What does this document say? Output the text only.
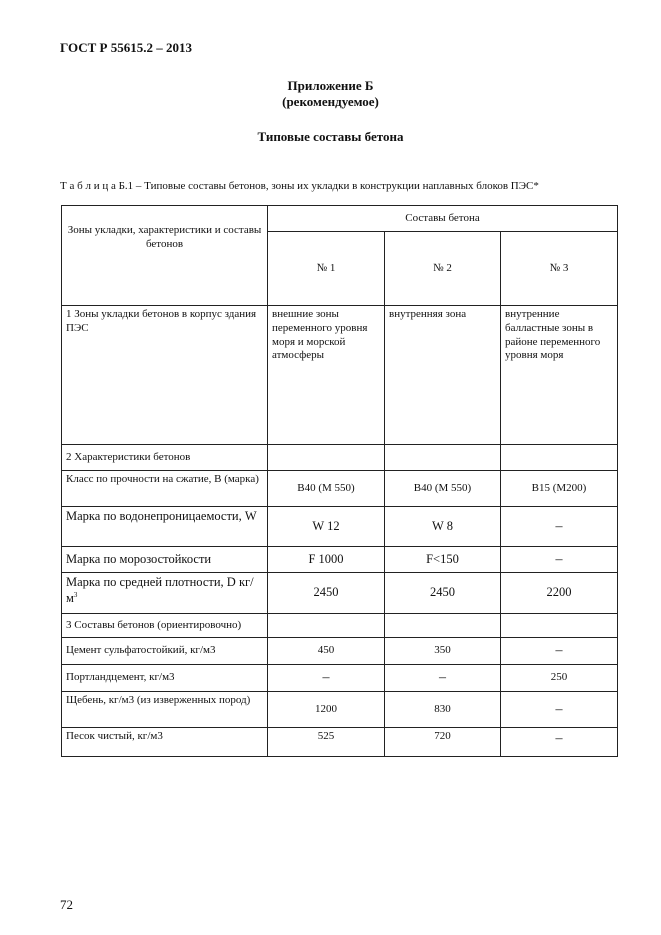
ГОСТ Р 55615.2 – 2013
Приложение Б
(рекомендуемое)
Типовые составы бетона
Т а б л и ц а Б.1 – Типовые составы бетонов, зоны их укладки в конструкции наплавных блоков ПЭС*
Зоны укладки, характеристики и составы бетонов	Составы бетона		
	№ 1	№ 2	№ 3
1 Зоны укладки бетонов в корпус здания ПЭС	внешние зоны переменного уровня моря и морской атмосферы	внутренняя зона	внутренние балластные зоны в районе переменного уровня моря
2 Характеристики бетонов			
Класс по прочности на сжатие, В (марка)	В40 (М 550)	В40 (М 550)	В15 (М200)
Марка по водонепроницаемости, W	W 12	W 8	–
Марка по морозостойкости	F 1000	F<150	–
Марка по средней плотности, D $кг/м^3$	2450	2450	2200
3 Составы бетонов (ориентировочно)			
Цемент сульфатостойкий, кг/м3	450	350	–
Портландцемент, кг/м3	–	–	250
Щебень, кг/м3 (из изверженных пород)	1200	830	–
Песок чистый, кг/м3	525	720	–
72
